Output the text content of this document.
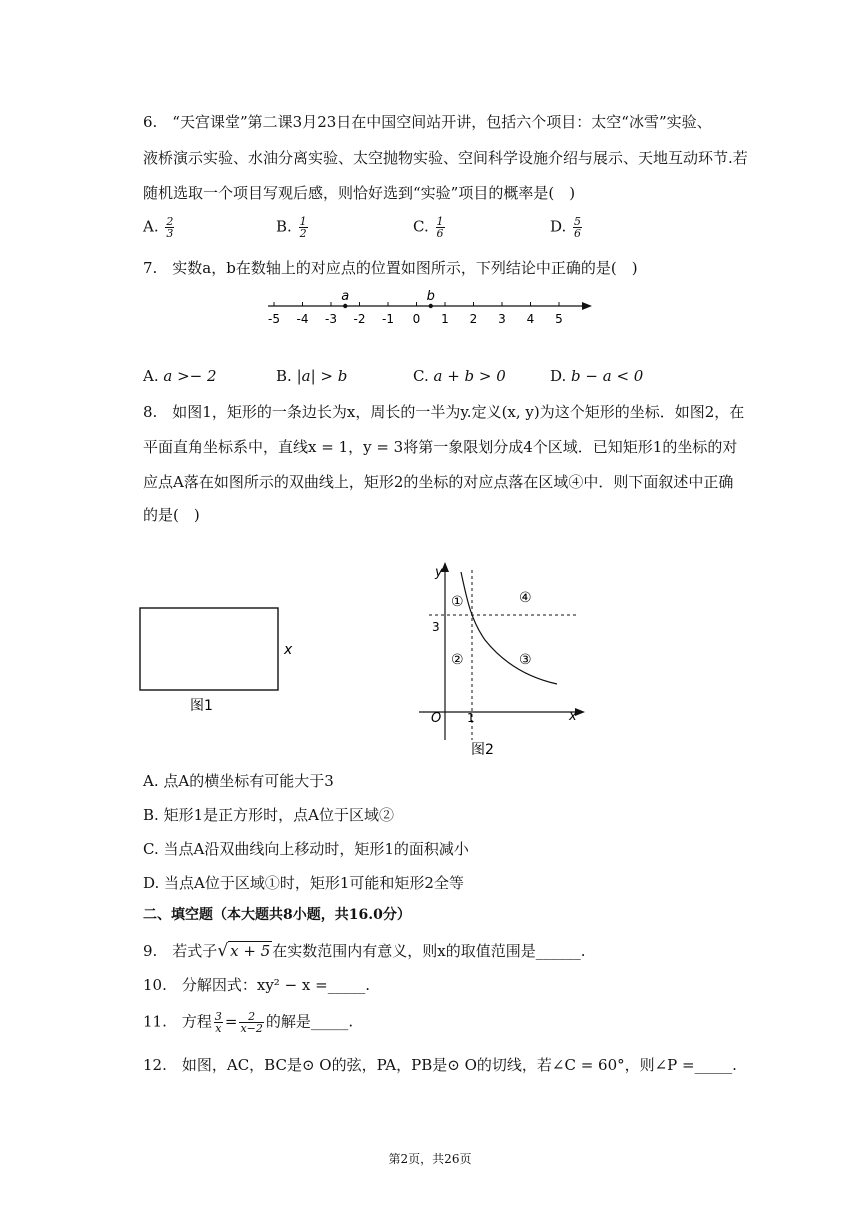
6.　“天宫课堂”第二课3月23日在中国空间站开讲，包括六个项目：太空“冰雪”实验、
液桥演示实验、水油分离实验、太空抛物实验、空间科学设施介绍与展示、天地互动环节.若
随机选取一个项目写观后感，则恰好选到“实验”项目的概率是(　)
A. $\frac{2}{3}$	B. $\frac{1}{2}$	C. $\frac{1}{6}$	D. $\frac{5}{6}$
7.　实数a，b在数轴上的对应点的位置如图所示，下列结论中正确的是(　)
-5 -4 -3 -2 -1 0 1 2 3 4 5
a	b
A. a >− 2	B. |a| > b	C. a + b > 0	D. b − a < 0
8.　如图1，矩形的一条边长为x，周长的一半为y.定义(x, y)为这个矩形的坐标．如图2，在
平面直角坐标系中，直线x = 1，y = 3将第一象限划分成4个区域．已知矩形1的坐标的对
应点A落在如图所示的双曲线上，矩形2的坐标的对应点落在区域④中．则下面叙述中正确
的是(　)
x
图1
y
x
O 1
3
①
②	③
④
图2
A. 点A的横坐标有可能大于3
B. 矩形1是正方形时，点A位于区域②
C. 当点A沿双曲线向上移动时，矩形1的面积减小
D. 当点A位于区域①时，矩形1可能和矩形2全等
二、填空题（本大题共8小题，共16.0分）
9.　若式子√ x + 5 在实数范围内有意义，则x的取值范围是______.
10.　分解因式：xy² − x =_____.
11.　方程 $\frac{3}{x} = \frac{2}{x-2}$ 的解是_____.
12.　如图，AC，BC是⊙ O的弦，PA，PB是⊙ O的切线，若∠C = 60°，则∠P =_____.
第2页，共26页
